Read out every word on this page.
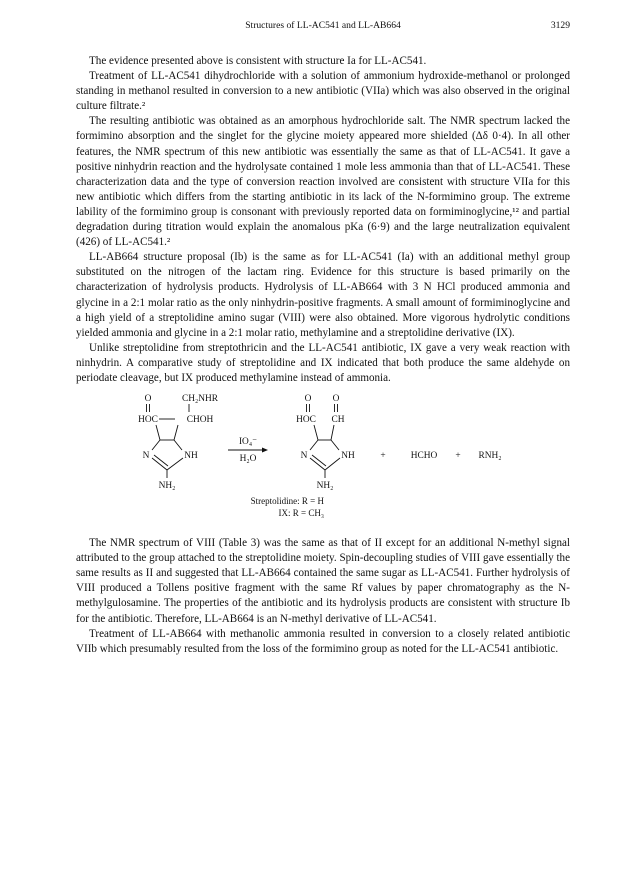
Structures of LL-AC541 and LL-AB664	3129

The evidence presented above is consistent with structure Ia for LL-AC541.

Treatment of LL-AC541 dihydrochloride with a solution of ammonium hydroxide-methanol or prolonged standing in methanol resulted in conversion to a new antibiotic (VIIa) which was also observed in the original culture filtrate.²

The resulting antibiotic was obtained as an amorphous hydrochloride salt. The NMR spectrum lacked the formimino absorption and the singlet for the glycine moiety appeared more shielded (Δδ 0·4). In all other features, the NMR spectrum of this new antibiotic was essentially the same as that of LL-AC541. It gave a positive ninhydrin reaction and the hydrolysate contained 1 mole less ammonia than that of LL-AC541. These characterization data and the type of conversion reaction involved are consistent with structure VIIa for this new antibiotic which differs from the starting antibiotic in its lack of the N-formimino group. The extreme lability of the formimino group is consonant with previously reported data on formiminoglycine,¹² and partial degradation during titration would explain the anomalous pKa (6·9) and the large neutralization equivalent (426) of LL-AC541.²

LL-AB664 structure proposal (Ib) is the same as for LL-AC541 (Ia) with an additional methyl group substituted on the nitrogen of the lactam ring. Evidence for this structure is based primarily on the characterization of hydrolysis products. Hydrolysis of LL-AB664 with 3 N HCl produced ammonia and glycine in a 2:1 molar ratio as the only ninhydrin-positive fragments. A small amount of formiminoglycine and a high yield of a streptolidine amino sugar (VIII) were also obtained. More vigorous hydrolytic conditions yielded ammonia and glycine in a 2:1 molar ratio, methylamine and a streptolidine derivative (IX).

Unlike streptolidine from streptothricin and the LL-AC541 antibiotic, IX gave a very weak reaction with ninhydrin. A comparative study of streptolidine and IX indicated that both produce the same aldehyde on periodate cleavage, but IX produced methylamine instead of ammonia.

O
HOC
CH₂NHR
CHOH
N	NH
NH₂
IO₄⁻
H₂O
O
HOC
O
CH
N	NH
NH₂
+	HCHO + RNH₂
Streptolidine: R = H
IX: R = CH₃

The NMR spectrum of VIII (Table 3) was the same as that of II except for an additional N-methyl signal attributed to the group attached to the streptolidine moiety. Spin-decoupling studies of VIII gave essentially the same results as II and suggested that LL-AB664 contained the same sugar as LL-AC541. Further hydrolysis of VIII produced a Tollens positive fragment with the same Rf values by paper chromatography as the N-methylgulosamine. The properties of the antibiotic and its hydrolysis products are consistent with structure Ib for the antibiotic. Therefore, LL-AB664 is an N-methyl derivative of LL-AC541.

Treatment of LL-AB664 with methanolic ammonia resulted in conversion to a closely related antibiotic VIIb which presumably resulted from the loss of the formimino group as noted for the LL-AC541 antibiotic.
